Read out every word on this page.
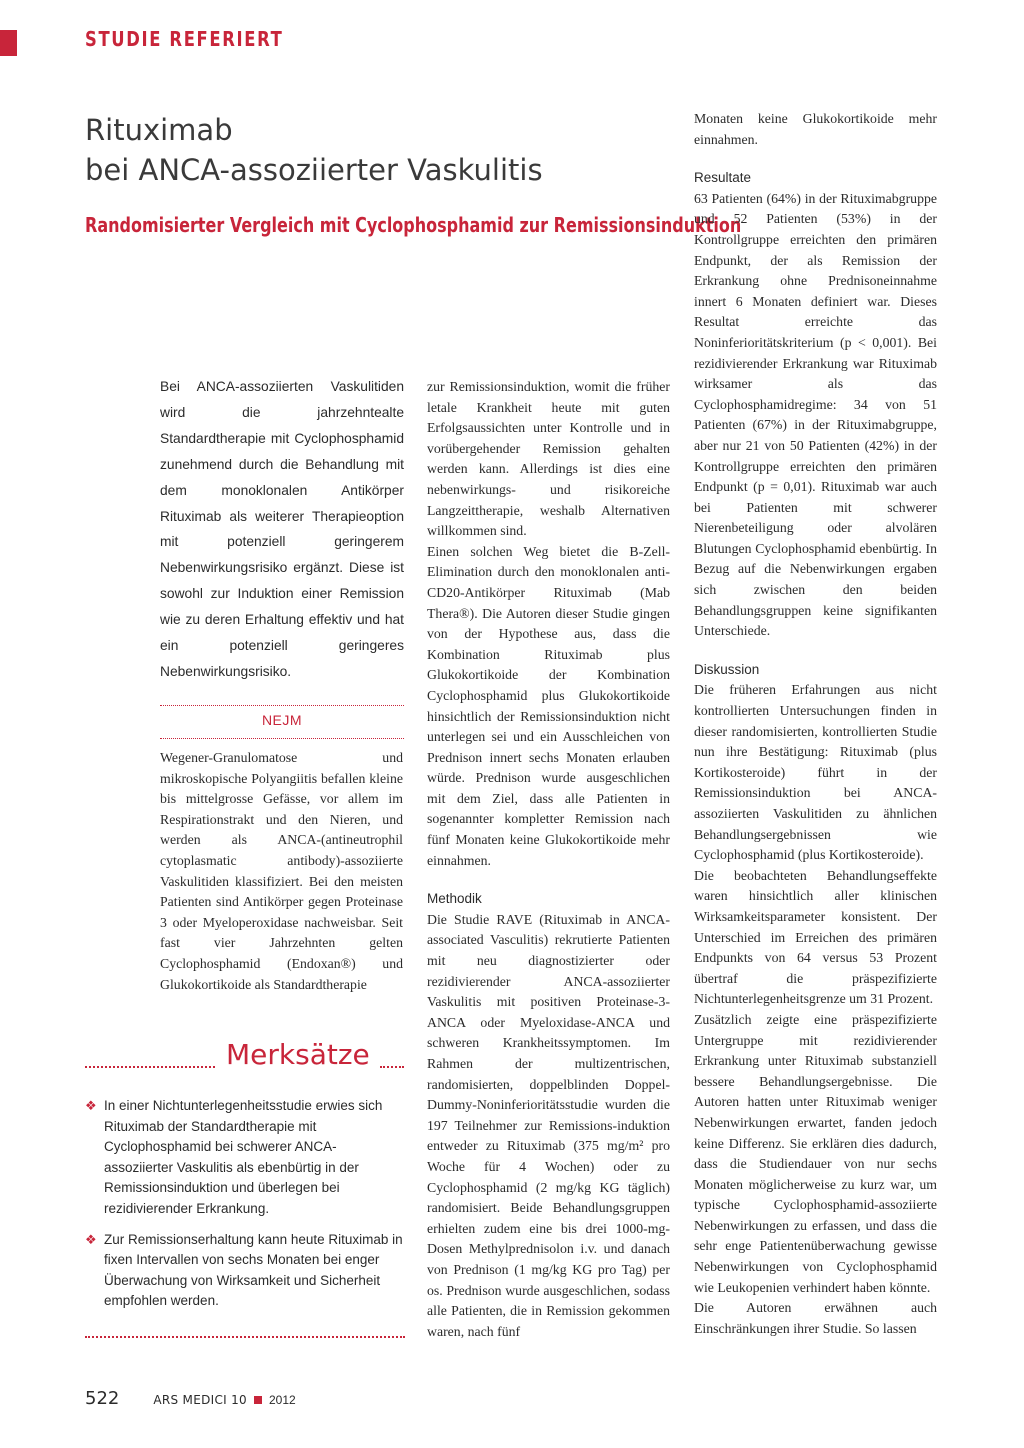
STUDIE REFERIERT
Rituximab
bei ANCA-assoziierter Vaskulitis
Randomisierter Vergleich mit Cyclophosphamid zur Remissionsinduktion

Bei ANCA-assoziierten Vaskulitiden wird die jahrzehntealte Standardtherapie mit Cyclophosphamid zunehmend durch die Behandlung mit dem monoklonalen Antikörper Rituximab als weiterer Therapieoption mit potenziell geringerem Nebenwirkungsrisiko ergänzt. Diese ist sowohl zur Induktion einer Remission wie zu deren Erhaltung effektiv und hat ein potenziell geringeres Nebenwirkungsrisiko.

NEJM

Wegener-Granulomatose und mikroskopische Polyangiitis befallen kleine bis mittelgrosse Gefässe, vor allem im Respirationstrakt und den Nieren, und werden als ANCA-(antineutrophil cytoplasmatic antibody)-assoziierte Vaskulitiden klassifiziert. Bei den meisten Patienten sind Antikörper gegen Proteinase 3 oder Myeloperoxidase nachweisbar. Seit fast vier Jahrzehnten gelten Cyclophosphamid (Endoxan®) und Glukokortikoide als Standardtherapie

Merksätze
❖ In einer Nichtunterlegenheitsstudie erwies sich Rituximab der Standardtherapie mit Cyclophosphamid bei schwerer ANCA-assoziierter Vaskulitis als ebenbürtig in der Remissionsinduktion und überlegen bei rezidivierender Erkrankung.
❖ Zur Remissionserhaltung kann heute Rituximab in fixen Intervallen von sechs Monaten bei enger Überwachung von Wirksamkeit und Sicherheit empfohlen werden.

zur Remissionsinduktion, womit die früher letale Krankheit heute mit guten Erfolgsaussichten unter Kontrolle und in vorübergehender Remission gehalten werden kann. Allerdings ist dies eine nebenwirkungs- und risikoreiche Langzeittherapie, weshalb Alternativen willkommen sind.

Einen solchen Weg bietet die B-Zell-Elimination durch den monoklonalen anti-CD20-Antikörper Rituximab (Mab Thera®). Die Autoren dieser Studie gingen von der Hypothese aus, dass die Kombination Rituximab plus Glukokortikoide der Kombination Cyclophosphamid plus Glukokortikoide hinsichtlich der Remissionsinduktion nicht unterlegen sei und ein Ausschleichen von Prednison innert sechs Monaten erlauben würde. Prednison wurde ausgeschlichen mit dem Ziel, dass alle Patienten in sogenannter kompletter Remission nach fünf Monaten keine Glukokortikoide mehr einnahmen.

Methodik

Die Studie RAVE (Rituximab in ANCA-associated Vasculitis) rekrutierte Patienten mit neu diagnostizierter oder rezidivierender ANCA-assoziierter Vaskulitis mit positiven Proteinase-3-ANCA oder Myeloxidase-ANCA und schweren Krankheitssymptomen. Im Rahmen der multizentrischen, randomisierten, doppelblinden Doppel-Dummy-Noninferioritätsstudie wurden die 197 Teilnehmer zur Remissions-induktion entweder zu Rituximab (375 mg/m² pro Woche für 4 Wochen) oder zu Cyclophosphamid (2 mg/kg KG täglich) randomisiert. Beide Behandlungsgruppen erhielten zudem eine bis drei 1000-mg-Dosen Methylprednisolon i.v. und danach von Prednison (1 mg/kg KG pro Tag) per os. Prednison wurde ausgeschlichen, sodass alle Patienten, die in Remission gekommen waren, nach fünf

Monaten keine Glukokortikoide mehr einnahmen.

Resultate

63 Patienten (64%) in der Rituximabgruppe und 52 Patienten (53%) in der Kontrollgruppe erreichten den primären Endpunkt, der als Remission der Erkrankung ohne Prednisoneinnahme innert 6 Monaten definiert war. Dieses Resultat erreichte das Noninferioritätskriterium (p < 0,001). Bei rezidivierender Erkrankung war Rituximab wirksamer als das Cyclophosphamidregime: 34 von 51 Patienten (67%) in der Rituximabgruppe, aber nur 21 von 50 Patienten (42%) in der Kontrollgruppe erreichten den primären Endpunkt (p = 0,01). Rituximab war auch bei Patienten mit schwerer Nierenbeteiligung oder alvolären Blutungen Cyclophosphamid ebenbürtig. In Bezug auf die Nebenwirkungen ergaben sich zwischen den beiden Behandlungsgruppen keine signifikanten Unterschiede.

Diskussion

Die früheren Erfahrungen aus nicht kontrollierten Untersuchungen finden in dieser randomisierten, kontrollierten Studie nun ihre Bestätigung: Rituximab (plus Kortikosteroide) führt in der Remissionsinduktion bei ANCA-assoziierten Vaskulitiden zu ähnlichen Behandlungsergebnissen wie Cyclophosphamid (plus Kortikosteroide).

Die beobachteten Behandlungseffekte waren hinsichtlich aller klinischen Wirksamkeitsparameter konsistent. Der Unterschied im Erreichen des primären Endpunkts von 64 versus 53 Prozent übertraf die präspezifizierte Nichtunterlegenheitsgrenze um 31 Prozent.

Zusätzlich zeigte eine präspezifizierte Untergruppe mit rezidivierender Erkrankung unter Rituximab substanziell bessere Behandlungsergebnisse. Die Autoren hatten unter Rituximab weniger Nebenwirkungen erwartet, fanden jedoch keine Differenz. Sie erklären dies dadurch, dass die Studiendauer von nur sechs Monaten möglicherweise zu kurz war, um typische Cyclophosphamid-assoziierte Nebenwirkungen zu erfassen, und dass die sehr enge Patientenüberwachung gewisse Nebenwirkungen von Cyclophosphamid wie Leukopenien verhindert haben könnte.

Die Autoren erwähnen auch Einschränkungen ihrer Studie. So lassen

522	ARS MEDICI 10 2012
